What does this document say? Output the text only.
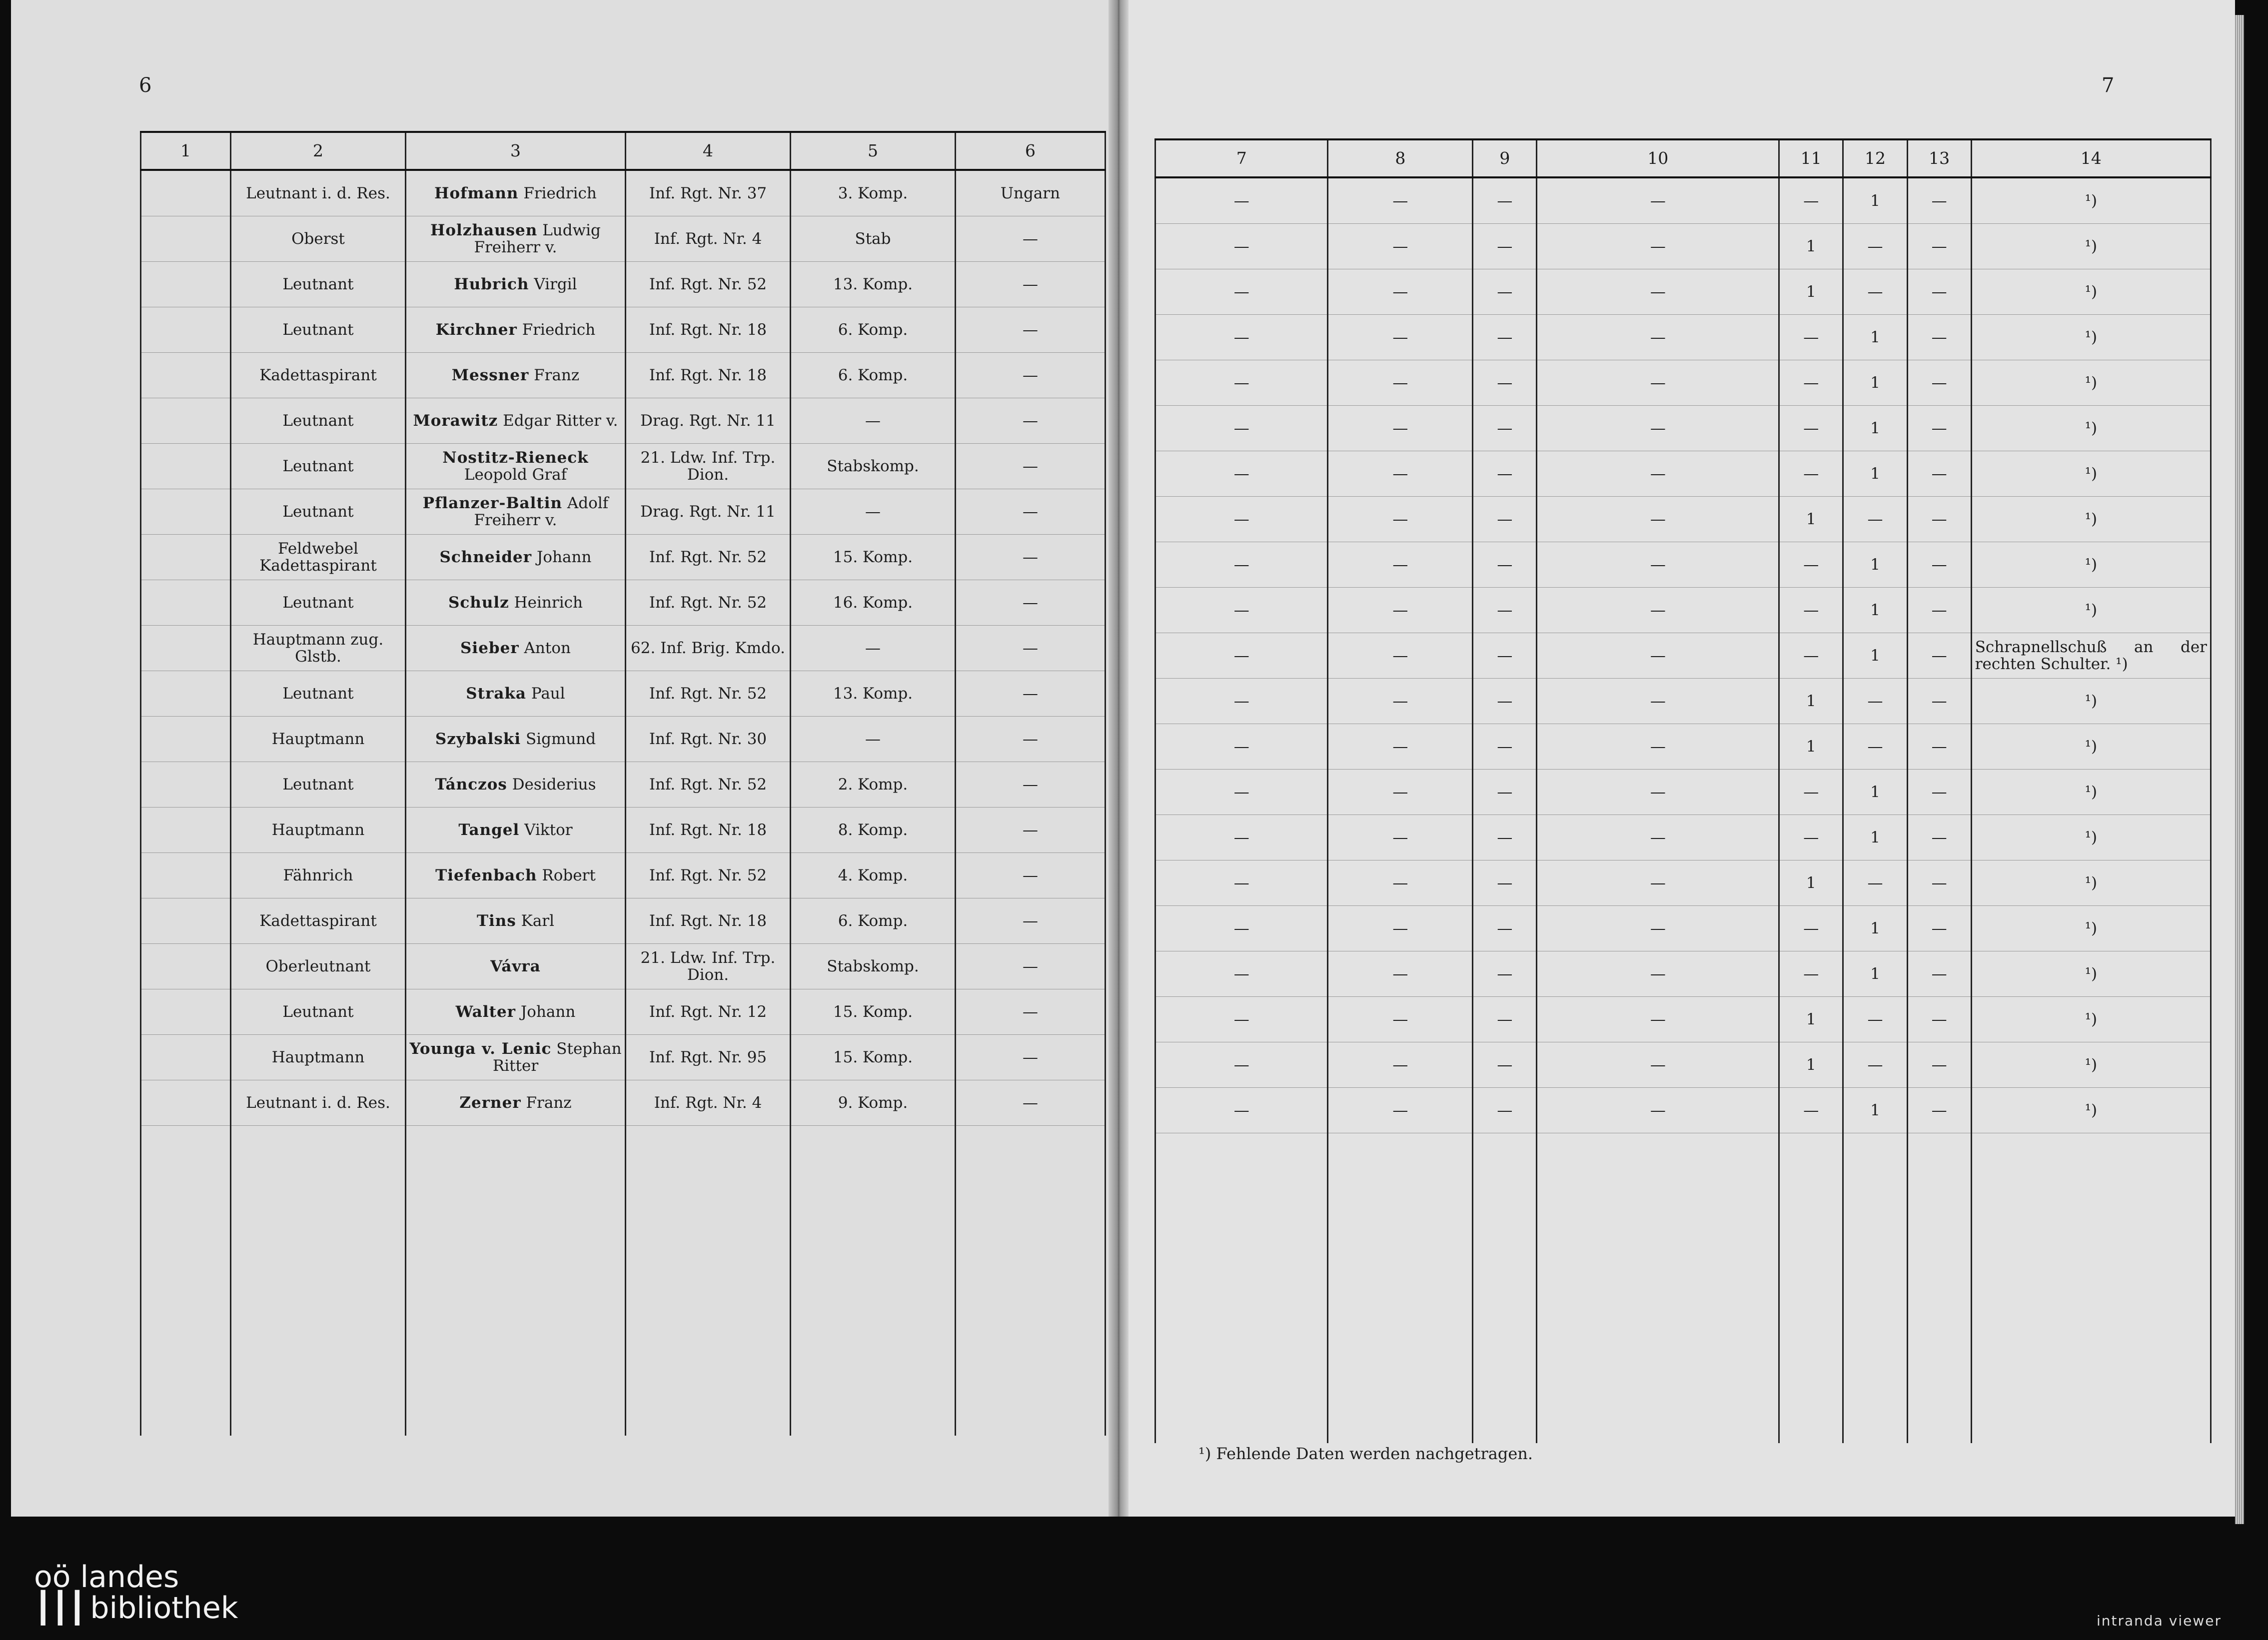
6	7
1	2	3	4	5	6
	Leutnant i. d. Res.	Hofmann Friedrich	Inf. Rgt. Nr. 37	3. Komp.	Ungarn
	Oberst	Holzhausen Ludwig Freiherr v.	Inf. Rgt. Nr. 4	Stab	—
	Leutnant	Hubrich Virgil	Inf. Rgt. Nr. 52	13. Komp.	—
	Leutnant	Kirchner Friedrich	Inf. Rgt. Nr. 18	6. Komp.	—
	Kadettaspirant	Messner Franz	Inf. Rgt. Nr. 18	6. Komp.	—
	Leutnant	Morawitz Edgar Ritter v.	Drag. Rgt. Nr. 11	—	—
	Leutnant	Nostitz-Rieneck Leopold Graf	21. Ldw. Inf. Trp. Dion.	Stabskomp.	—
	Leutnant	Pflanzer-Baltin Adolf Freiherr v.	Drag. Rgt. Nr. 11	—	—
	Feldwebel Kadettaspirant	Schneider Johann	Inf. Rgt. Nr. 52	15. Komp.	—
	Leutnant	Schulz Heinrich	Inf. Rgt. Nr. 52	16. Komp.	—
	Hauptmann zug. Glstb.	Sieber Anton	62. Inf. Brig. Kmdo.	—	—
	Leutnant	Straka Paul	Inf. Rgt. Nr. 52	13. Komp.	—
	Hauptmann	Szybalski Sigmund	Inf. Rgt. Nr. 30	—	—
	Leutnant	Tánczos Desiderius	Inf. Rgt. Nr. 52	2. Komp.	—
	Hauptmann	Tangel Viktor	Inf. Rgt. Nr. 18	8. Komp.	—
	Fähnrich	Tiefenbach Robert	Inf. Rgt. Nr. 52	4. Komp.	—
	Kadettaspirant	Tins Karl	Inf. Rgt. Nr. 18	6. Komp.	—
	Oberleutnant	Vávra	21. Ldw. Inf. Trp. Dion.	Stabskomp.	—
	Leutnant	Walter Johann	Inf. Rgt. Nr. 12	15. Komp.	—
	Hauptmann	Younga v. Lenic Stephan Ritter	Inf. Rgt. Nr. 95	15. Komp.	—
	Leutnant i. d. Res.	Zerner Franz	Inf. Rgt. Nr. 4	9. Komp.	—

7	8	9	10	11	12	13	14
—	—	—	—	—	1	—	¹)
—	—	—	—	1	—	—	¹)
—	—	—	—	1	—	—	¹)
—	—	—	—	—	1	—	¹)
—	—	—	—	—	1	—	¹)
—	—	—	—	—	1	—	¹)
—	—	—	—	—	1	—	¹)
—	—	—	—	1	—	—	¹)
—	—	—	—	—	1	—	¹)
—	—	—	—	—	1	—	¹)
—	—	—	—	—	1	—	Schrapnellschuß an der rechten Schulter. ¹)
—	—	—	—	1	—	—	¹)
—	—	—	—	1	—	—	¹)
—	—	—	—	—	1	—	¹)
—	—	—	—	—	1	—	¹)
—	—	—	—	1	—	—	¹)
—	—	—	—	—	1	—	¹)
—	—	—	—	—	1	—	¹)
—	—	—	—	1	—	—	¹)
—	—	—	—	1	—	—	¹)
—	—	—	—	—	1	—	¹)

¹) Fehlende Daten werden nachgetragen.
oö landes
┃┃┃ bibliothek	intranda viewer
